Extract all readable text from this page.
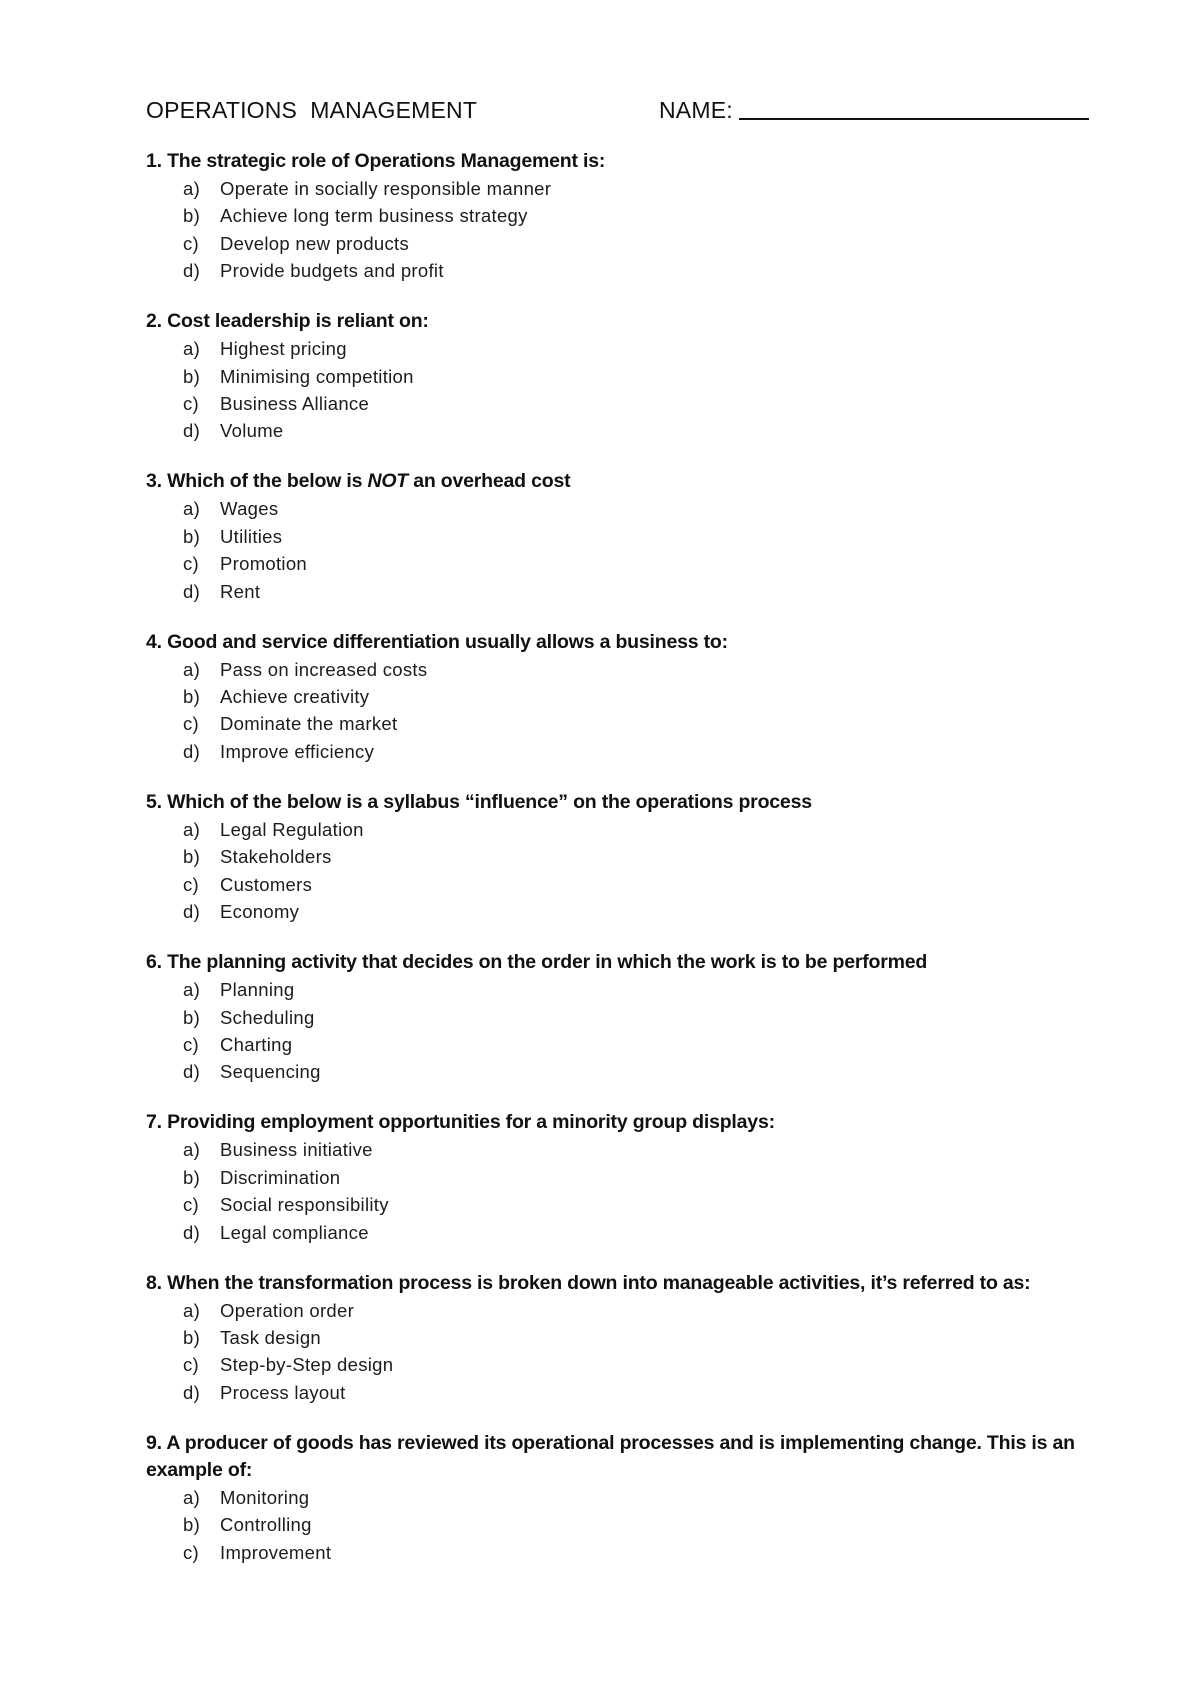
OPERATIONS  MANAGEMENT	NAME:
1. The strategic role of Operations Management is:
a)	Operate in socially responsible manner
b)	Achieve long term business strategy
c)	Develop new products
d)	Provide budgets and profit
2. Cost leadership is reliant on:
a)	Highest pricing
b)	Minimising competition
c)	Business Alliance
d)	Volume
3. Which of the below is NOT an overhead cost
a)	Wages
b)	Utilities
c)	Promotion
d)	Rent
4. Good and service differentiation usually allows a business to:
a)	Pass on increased costs
b)	Achieve creativity
c)	Dominate the market
d)	Improve efficiency
5. Which of the below is a syllabus “influence” on the operations process
a)	Legal Regulation
b)	Stakeholders
c)	Customers
d)	Economy
6. The planning activity that decides on the order in which the work is to be performed
a)	Planning
b)	Scheduling
c)	Charting
d)	Sequencing
7. Providing employment opportunities for a minority group displays:
a)	Business initiative
b)	Discrimination
c)	Social responsibility
d)	Legal compliance
8. When the transformation process is broken down into manageable activities, it’s referred to as:
a)	Operation order
b)	Task design
c)	Step-by-Step design
d)	Process layout
9. A producer of goods has reviewed its operational processes and is implementing change. This is an example of:
a)	Monitoring
b)	Controlling
c)	Improvement
